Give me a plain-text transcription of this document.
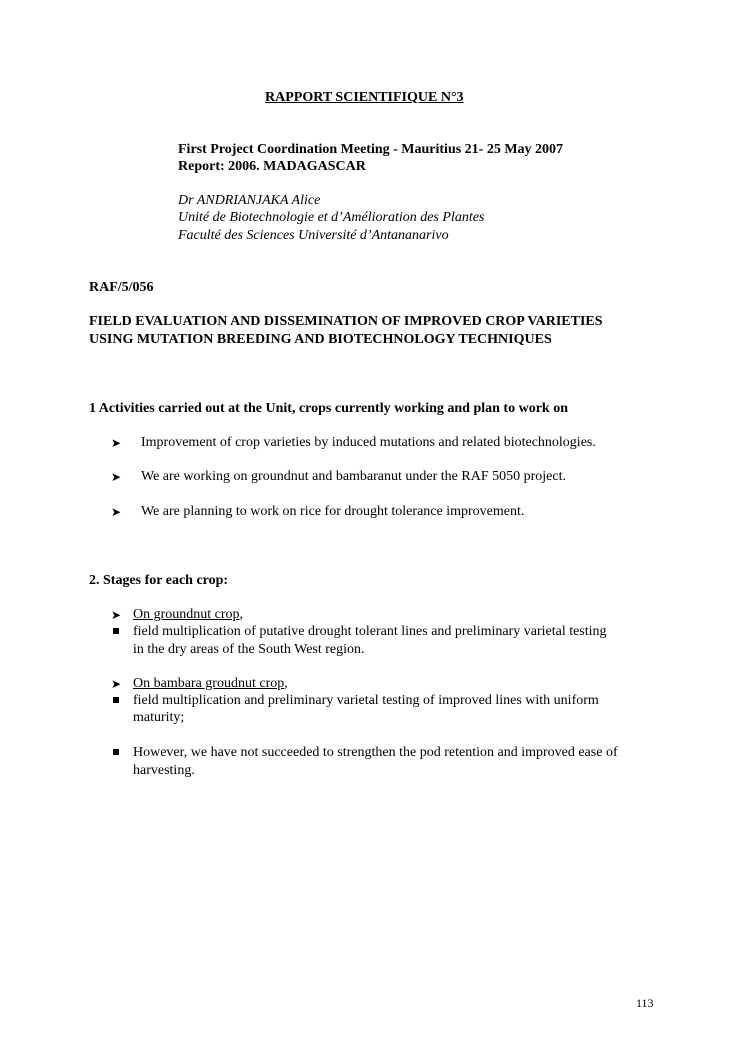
RAPPORT SCIENTIFIQUE N°3
First Project Coordination Meeting - Mauritius 21- 25 May 2007
Report: 2006. MADAGASCAR
Dr ANDRIANJAKA Alice
Unité de Biotechnologie et d’Amélioration des Plantes
Faculté des Sciences Université d’Antananarivo
RAF/5/056
FIELD EVALUATION AND DISSEMINATION OF IMPROVED CROP VARIETIES
USING MUTATION BREEDING AND BIOTECHNOLOGY TECHNIQUES
1 Activities carried out at the Unit, crops currently working and plan to work on
➤ Improvement of crop varieties by induced mutations and related biotechnologies.
➤ We are working on groundnut and bambaranut under the RAF 5050 project.
➤ We are planning to work on rice for drought tolerance improvement.
2. Stages for each crop:
➤ On groundnut crop,
field multiplication of putative drought tolerant lines and preliminary varietal testing
in the dry areas of the South West region.
➤ On bambara groudnut crop,
field multiplication and preliminary varietal testing of improved lines with uniform
maturity;
However, we have not succeeded to strengthen the pod retention and improved ease of
harvesting.
113
